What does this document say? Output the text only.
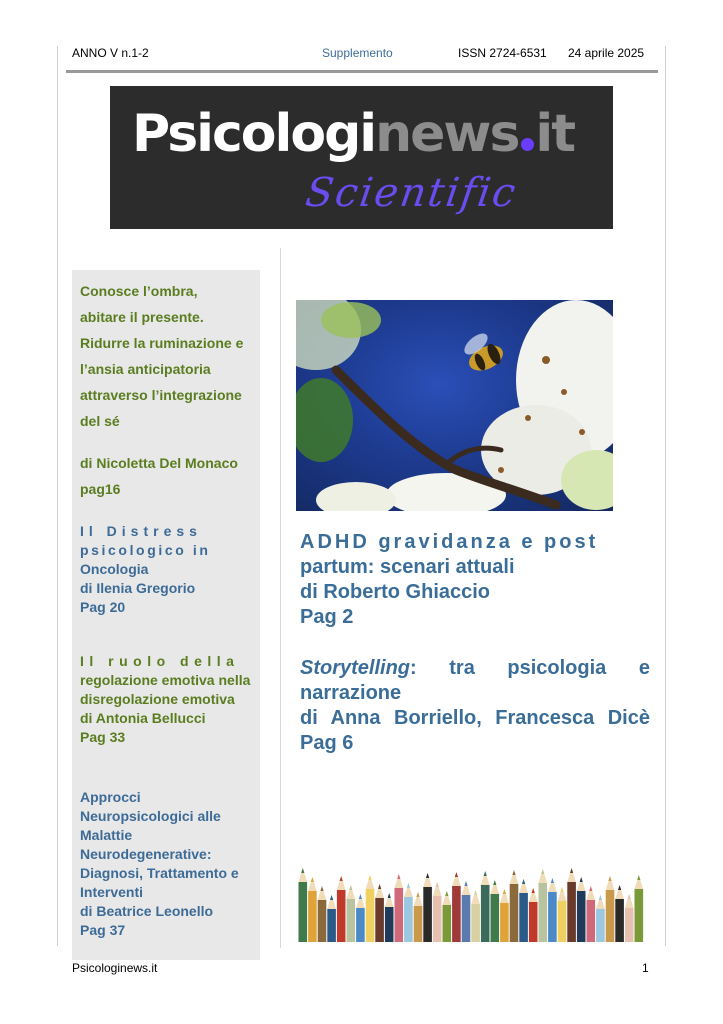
ANNO V n.1-2	Supplemento	ISSN 2724-6531 24 aprile 2025
Psicologinews it
Scientific
Conosce l’ombra,
abitare il presente.
Ridurre la ruminazione e
l’ansia anticipatoria
attraverso l’integrazione
del sé
di Nicoletta Del Monaco
pag16
Il Distress
psicologico in
Oncologia
di Ilenia Gregorio
Pag 20
Il ruolo della
regolazione emotiva nella disregolazione emotiva
di Antonia Bellucci
Pag 33
Approcci Neuropsicologici alle Malattie Neurodegenerative: Diagnosi, Trattamento e Interventi
di Beatrice Leonello
Pag 37

ADHD gravidanza e post

partum: scenari attuali

di Roberto Ghiaccio

Pag 2

Storytelling: tra psicologia e narrazione

di Anna Borriello, Francesca Dicè

Pag 6

Psicologinews.it	1
